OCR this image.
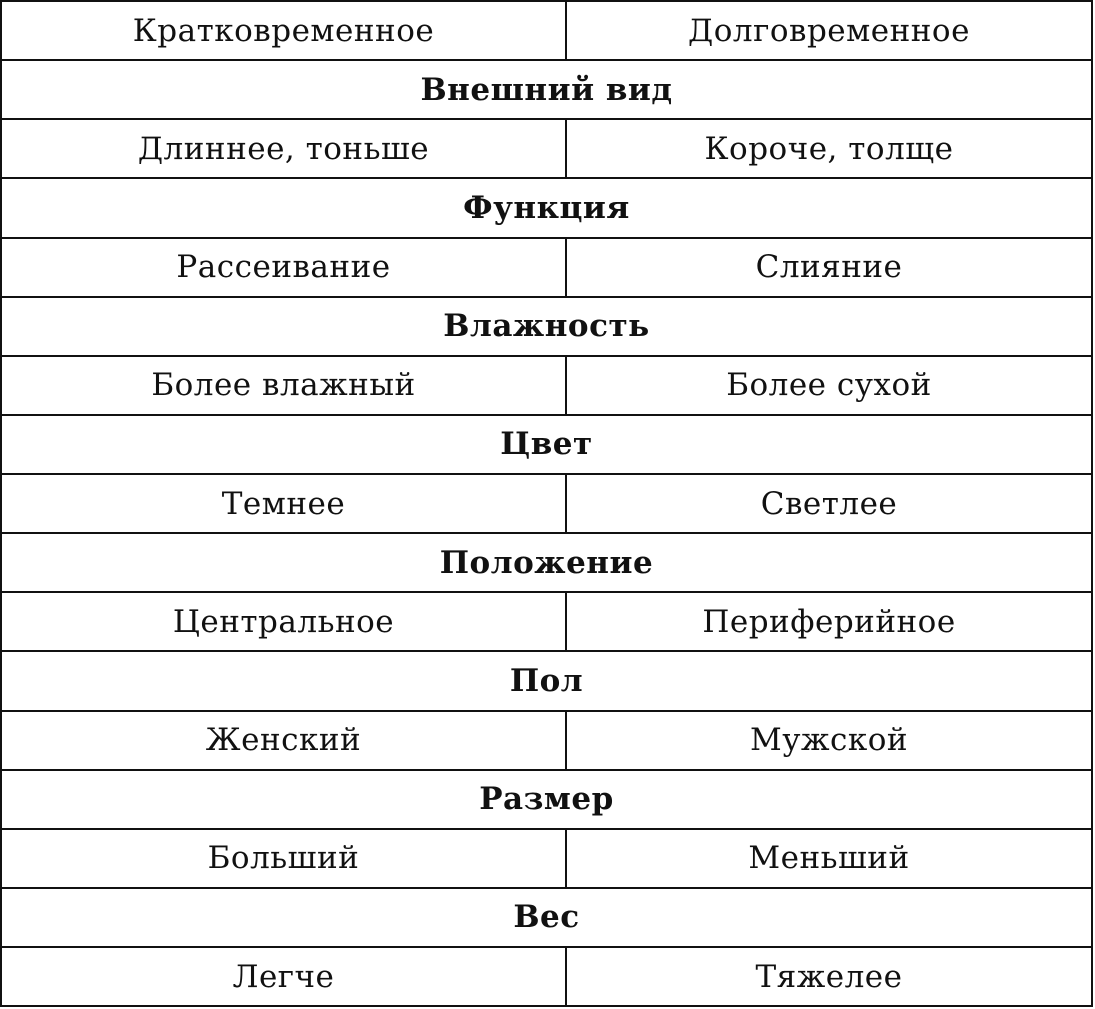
Кратковременное	Долговременное
Внешний вид
Длиннее, тоньше	Короче, толще
Функция
Рассеивание	Слияние
Влажность
Более влажный	Более сухой
Цвет
Темнее	Светлее
Положение
Центральное	Периферийное
Пол
Женский	Мужской
Размер
Больший	Меньший
Вес
Легче	Тяжелее
